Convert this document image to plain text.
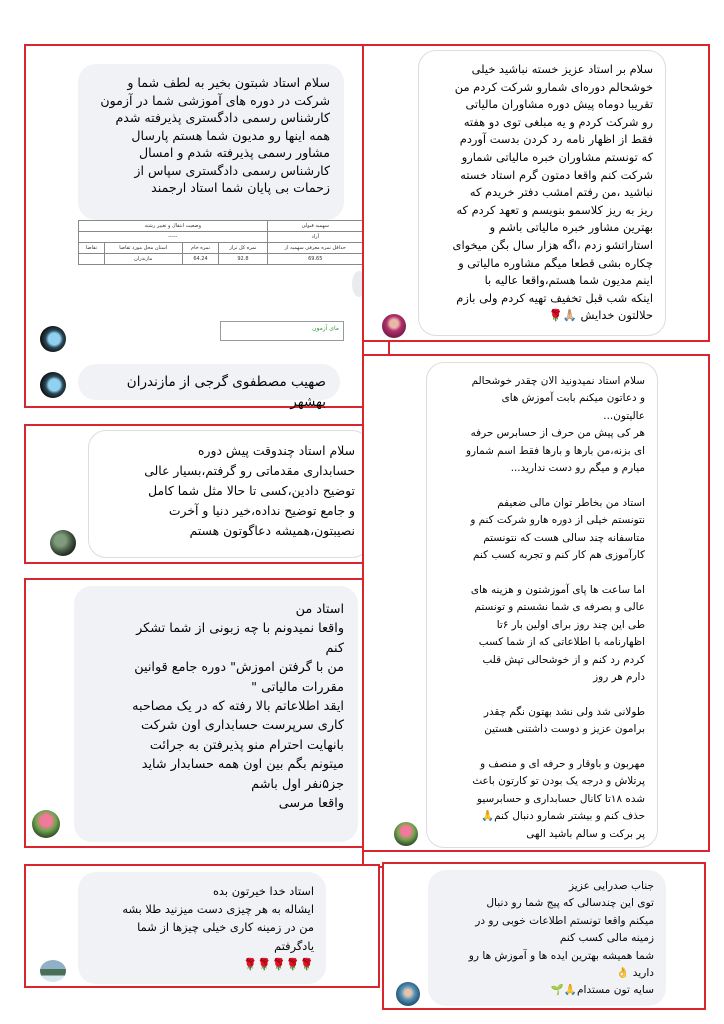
سلام استاد شبتون بخیر به لطف شما و
شرکت در دوره های آموزشی شما در آزمون
کارشناس رسمی دادگستری پذیرفته شدم
همه اینها رو مدیون شما هستم پارسال
مشاور رسمی پذیرفته شدم و امسال
کارشناس رسمی دادگستری سپاس از
زحمات بی پایان شما استاد ارجمند
سهمیه قبولی	وضعیت انتقال و تغییر رشته			
آزاد	-----			
حداقل نمره معرفی سهمیه از	نمره کل تراز	نمره خام	استان محل مورد تقاضا	تقاضا
69.65	92.8	64.24	مازندران	
مای آزمون
صهیب مصطفوی گرجی از مازندران بهشهر
سلام بر استاد عزیز خسته نباشید خیلی
خوشحالم دوره‌ای شمارو شرکت کردم من
تقریبا دوماه پیش دوره مشاوران مالیاتی
رو شرکت کردم و یه مبلغی توی دو هفته
فقط از اظهار نامه رد کردن بدست آوردم
که تونستم مشاوران خبره مالیاتی شمارو
شرکت کنم واقعا دمتون گرم استاد خسته
نباشید ،من رفتم امشب دفتر خریدم که
ریز به ریز کلاسمو بنویسم و تعهد کردم که
بهترین مشاور خبره مالیاتی باشم و
استاراتشو زدم ،اگه هزار سال بگن میخوای
چکاره بشی قطعا میگم مشاوره مالیاتی و
اینم مدیون شما هستم،واقعا عالیه با
اینکه شب قبل تخفیف تهیه کردم ولی بازم
حلالتون خدایش 🙏🏼🌹
سلام استاد چندوقت پیش دوره
حسابداری مقدماتی رو گرفتم،بسیار عالی
توضیح دادین،کسی تا حالا مثل شما کامل
و جامع توضیح نداده،خیر دنیا و آخرت
نصیبتون،همیشه دعاگوتون هستم
سلام استاد نمیدونید الان چقدر خوشحالم
و دعاتون میکنم بابت آموزش های
عالیتون...
هر کی پیش من حرف از حسابرس حرفه
ای بزنه،من بارها و بارها فقط اسم شمارو
میارم و میگم رو دست ندارید...

استاد من بخاطر توان مالی ضعیفم
نتونستم خیلی از دوره هارو شرکت کنم و
متاسفانه چند سالی هست که نتونستم
کارآموزی هم کار کنم و تجربه کسب کنم

اما ساعت ها پای آموزشتون و هزینه های
عالی و بصرفه ی شما نشستم و تونستم
طی این چند روز برای اولین بار ۶تا
اظهارنامه با اطلاعاتی که از شما کسب
کردم رد کنم و از خوشحالی تپش قلب
دارم هر روز

طولانی شد ولی نشد بهتون نگم چقدر
برامون عزیز و دوست داشتنی هستین

مهربون و باوقار و حرفه ای و منصف و
پرتلاش و درجه یک بودن تو کارتون باعث
شده ۱۸تا کانال حسابداری و حسابرسیو
حذف کنم و بیشتر شمارو دنبال کنم🙏
پر برکت و سالم باشید الهی
استاد من
واقعا نمیدونم با چه زبونی از شما تشکر
کنم
من با گرفتن اموزش" دوره جامع قوانین
مقررات مالیاتی "
ایقد اطلاعاتم بالا رفته که در یک مصاحبه
کاری سرپرست حسابداری اون شرکت
بانهایت احترام منو پذیرفتن به جرائت
میتونم بگم بین اون همه حسابدار شاید
جز۵نفر اول باشم
واقعا مرسی
استاد خدا خیرتون بده
ایشاله به هر چیزی دست میزنید طلا بشه
من در زمینه کاری خیلی چیزها از شما
یادگرفتم
🌹🌹🌹🌹🌹
جناب صدرایی عزیز
توی این چندسالی که پیج شما رو دنبال
میکنم واقعا تونستم اطلاعات خوبی رو در
زمینه مالی کسب کنم
شما همیشه بهترین ایده ها و آموزش ها رو
دارید 👌
سایه تون مستدام🙏🌱
